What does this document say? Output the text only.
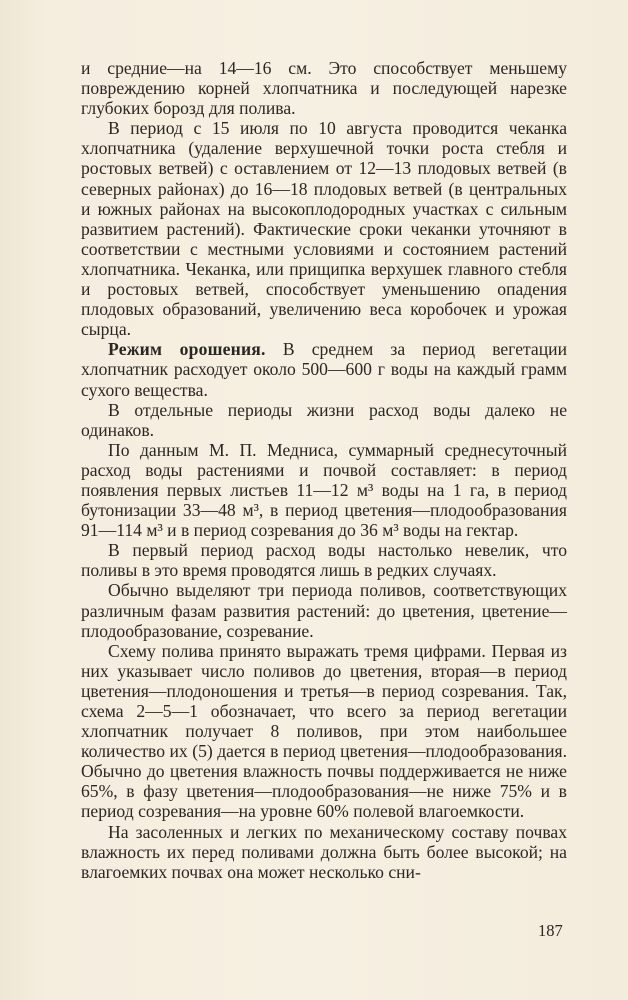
и средние—на 14—16 см. Это способствует меньшему повреждению корней хлопчатника и последующей нарезке глубоких борозд для полива.

В период с 15 июля по 10 августа проводится чеканка хлопчатника (удаление верхушечной точки роста стебля и ростовых ветвей) с оставлением от 12—13 плодовых ветвей (в северных районах) до 16—18 плодовых ветвей (в центральных и южных районах на высокоплодородных участках с сильным развитием растений). Фактические сроки чеканки уточняют в соответствии с местными условиями и состоянием растений хлопчатника. Чеканка, или прищипка верхушек главного стебля и ростовых ветвей, способствует уменьшению опадения плодовых образований, увеличению веса коробочек и урожая сырца.

Режим орошения. В среднем за период вегетации хлопчатник расходует около 500—600 г воды на каждый грамм сухого вещества.

В отдельные периоды жизни расход воды далеко не одинаков.

По данным М. П. Медниса, суммарный среднесуточный расход воды растениями и почвой составляет: в период появления первых листьев 11—12 м³ воды на 1 га, в период бутонизации 33—48 м³, в период цветения—плодообразования 91—114 м³ и в период созревания до 36 м³ воды на гектар.

В первый период расход воды настолько невелик, что поливы в это время проводятся лишь в редких случаях.

Обычно выделяют три периода поливов, соответствующих различным фазам развития растений: до цветения, цветение—плодообразование, созревание.

Схему полива принято выражать тремя цифрами. Первая из них указывает число поливов до цветения, вторая—в период цветения—плодоношения и третья—в период созревания. Так, схема 2—5—1 обозначает, что всего за период вегетации хлопчатник получает 8 поливов, при этом наибольшее количество их (5) дается в период цветения—плодообразования. Обычно до цветения влажность почвы поддерживается не ниже 65%, в фазу цветения—плодообразования—не ниже 75% и в период созревания—на уровне 60% полевой влагоемкости.

На засоленных и легких по механическому составу почвах влажность их перед поливами должна быть более высокой; на влагоемких почвах она может несколько сни-

187
